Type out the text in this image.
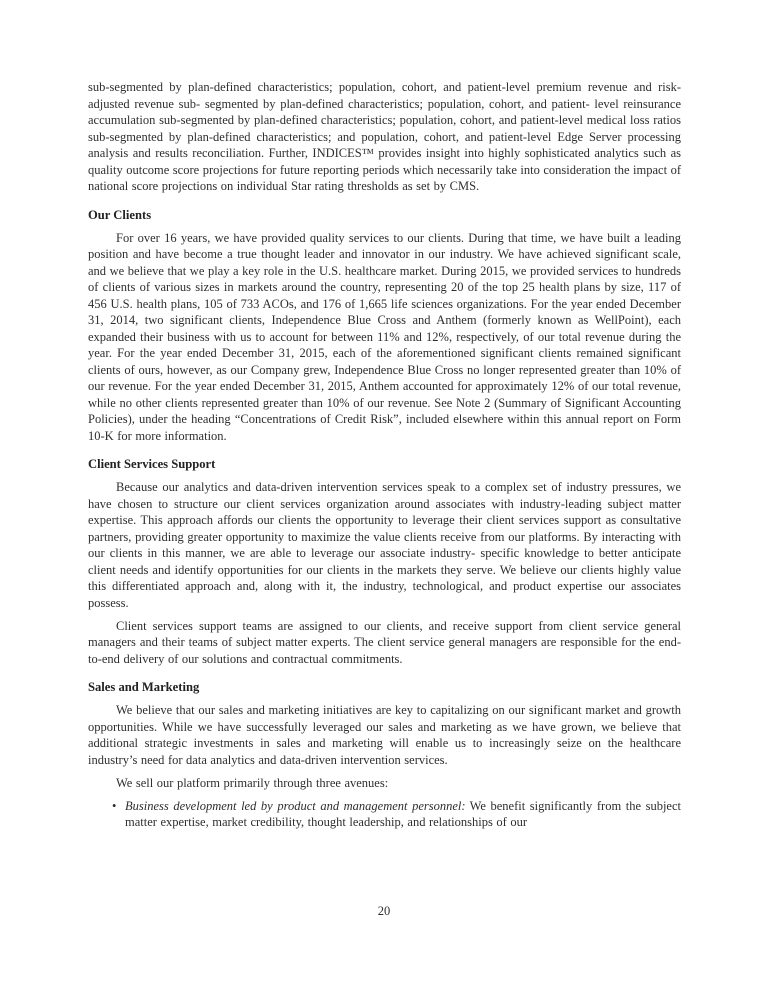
sub-segmented by plan-defined characteristics; population, cohort, and patient-level premium revenue and risk-adjusted revenue sub- segmented by plan-defined characteristics; population, cohort, and patient- level reinsurance accumulation sub-segmented by plan-defined characteristics; population, cohort, and patient-level medical loss ratios sub-segmented by plan-defined characteristics; and population, cohort, and patient-level Edge Server processing analysis and results reconciliation. Further, INDICES™ provides insight into highly sophisticated analytics such as quality outcome score projections for future reporting periods which necessarily take into consideration the impact of national score projections on individual Star rating thresholds as set by CMS.

Our Clients

For over 16 years, we have provided quality services to our clients. During that time, we have built a leading position and have become a true thought leader and innovator in our industry. We have achieved significant scale, and we believe that we play a key role in the U.S. healthcare market. During 2015, we provided services to hundreds of clients of various sizes in markets around the country, representing 20 of the top 25 health plans by size, 117 of 456 U.S. health plans, 105 of 733 ACOs, and 176 of 1,665 life sciences organizations. For the year ended December 31, 2014, two significant clients, Independence Blue Cross and Anthem (formerly known as WellPoint), each expanded their business with us to account for between 11% and 12%, respectively, of our total revenue during the year. For the year ended December 31, 2015, each of the aforementioned significant clients remained significant clients of ours, however, as our Company grew, Independence Blue Cross no longer represented greater than 10% of our revenue. For the year ended December 31, 2015, Anthem accounted for approximately 12% of our total revenue, while no other clients represented greater than 10% of our revenue. See Note 2 (Summary of Significant Accounting Policies), under the heading “Concentrations of Credit Risk”, included elsewhere within this annual report on Form 10-K for more information.

Client Services Support

Because our analytics and data-driven intervention services speak to a complex set of industry pressures, we have chosen to structure our client services organization around associates with industry-leading subject matter expertise. This approach affords our clients the opportunity to leverage their client services support as consultative partners, providing greater opportunity to maximize the value clients receive from our platforms. By interacting with our clients in this manner, we are able to leverage our associate industry- specific knowledge to better anticipate client needs and identify opportunities for our clients in the markets they serve. We believe our clients highly value this differentiated approach and, along with it, the industry, technological, and product expertise our associates possess.

Client services support teams are assigned to our clients, and receive support from client service general managers and their teams of subject matter experts. The client service general managers are responsible for the end- to-end delivery of our solutions and contractual commitments.

Sales and Marketing

We believe that our sales and marketing initiatives are key to capitalizing on our significant market and growth opportunities. While we have successfully leveraged our sales and marketing as we have grown, we believe that additional strategic investments in sales and marketing will enable us to increasingly seize on the healthcare industry’s need for data analytics and data-driven intervention services.

We sell our platform primarily through three avenues:

• Business development led by product and management personnel: We benefit significantly from the subject matter expertise, market credibility, thought leadership, and relationships of our
20
